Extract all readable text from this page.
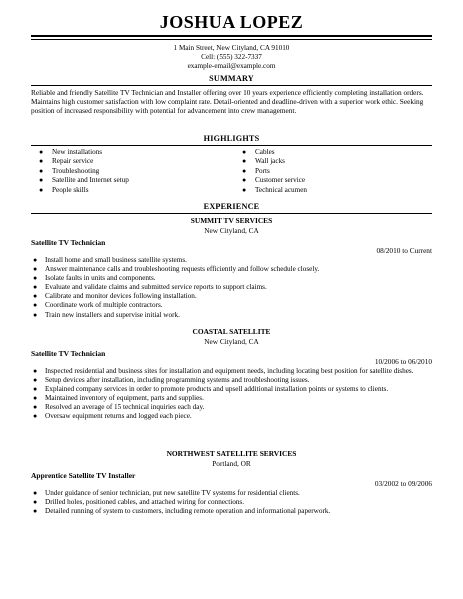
JOSHUA LOPEZ
1 Main Street, New Cityland, CA 91010
Cell: (555) 322-7337
example-email@example.com
SUMMARY
Reliable and friendly Satellite TV Technician and Installer offering over 10 years experience efficiently completing installation orders. Maintains high customer satisfaction with low complaint rate. Detail-oriented and deadline-driven with a superior work ethic. Seeking position of increased responsibility with potential for advancement into crew management.
HIGHLIGHTS
● New installations
● Repair service
● Troubleshooting
● Satellite and Internet setup
● People skills
● Cables
● Wall jacks
● Ports
● Customer service
● Technical acumen
EXPERIENCE
SUMMIT TV SERVICES
New Cityland, CA
Satellite TV Technician
08/2010 to Current
● Install home and small business satellite systems.
● Answer maintenance calls and troubleshooting requests efficiently and follow schedule closely.
● Isolate faults in units and components.
● Evaluate and validate claims and submitted service reports to support claims.
● Calibrate and monitor devices following installation.
● Coordinate work of multiple contractors.
● Train new installers and supervise initial work.
COASTAL SATELLITE
New Cityland, CA
Satellite TV Technician
10/2006 to 06/2010
● Inspected residential and business sites for installation and equipment needs, including locating best position for satellite dishes.
● Setup devices after installation, including programming systems and troubleshooting issues.
● Explained company services in order to promote products and upsell additional installation points or systems to clients.
● Maintained inventory of equipment, parts and supplies.
● Resolved an average of 15 technical inquiries each day.
● Oversaw equipment returns and logged each piece.
NORTHWEST SATELLITE SERVICES
Portland, OR
Apprentice Satellite TV Installer
03/2002 to 09/2006
● Under guidance of senior technician, put new satellite TV systems for residential clients.
● Drilled holes, positioned cables, and attached wiring for connections.
● Detailed running of system to customers, including remote operation and informational paperwork.
